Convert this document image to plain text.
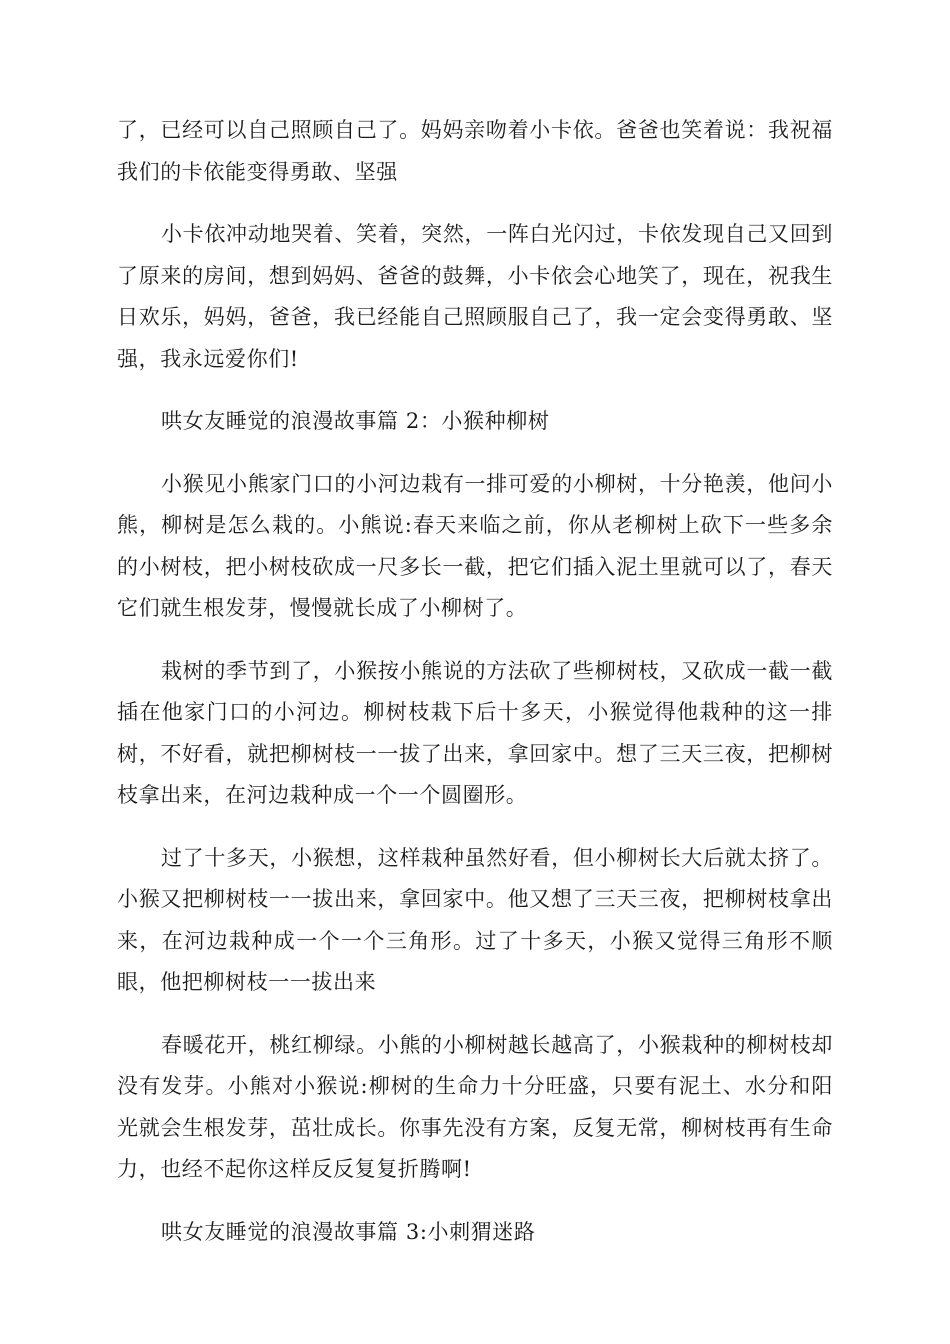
了，已经可以自己照顾自己了。妈妈亲吻着小卡依。爸爸也笑着说：我祝福我们的卡依能变得勇敢、坚强

小卡依冲动地哭着、笑着，突然，一阵白光闪过，卡依发现自己又回到了原来的房间，想到妈妈、爸爸的鼓舞，小卡依会心地笑了，现在，祝我生日欢乐，妈妈，爸爸，我已经能自己照顾服自己了，我一定会变得勇敢、坚强，我永远爱你们!

哄女友睡觉的浪漫故事篇 2：小猴种柳树

小猴见小熊家门口的小河边栽有一排可爱的小柳树，十分艳羡，他问小熊，柳树是怎么栽的。小熊说:春天来临之前，你从老柳树上砍下一些多余的小树枝，把小树枝砍成一尺多长一截，把它们插入泥土里就可以了，春天它们就生根发芽，慢慢就长成了小柳树了。

栽树的季节到了，小猴按小熊说的方法砍了些柳树枝，又砍成一截一截插在他家门口的小河边。柳树枝栽下后十多天，小猴觉得他栽种的这一排树，不好看，就把柳树枝一一拔了出来，拿回家中。想了三天三夜，把柳树枝拿出来，在河边栽种成一个一个圆圈形。

过了十多天，小猴想，这样栽种虽然好看，但小柳树长大后就太挤了。小猴又把柳树枝一一拔出来，拿回家中。他又想了三天三夜，把柳树枝拿出来，在河边栽种成一个一个三角形。过了十多天，小猴又觉得三角形不顺眼，他把柳树枝一一拔出来

春暖花开，桃红柳绿。小熊的小柳树越长越高了，小猴栽种的柳树枝却没有发芽。小熊对小猴说:柳树的生命力十分旺盛，只要有泥土、水分和阳光就会生根发芽，茁壮成长。你事先没有方案，反复无常，柳树枝再有生命力，也经不起你这样反反复复折腾啊!

哄女友睡觉的浪漫故事篇 3:小刺猬迷路
